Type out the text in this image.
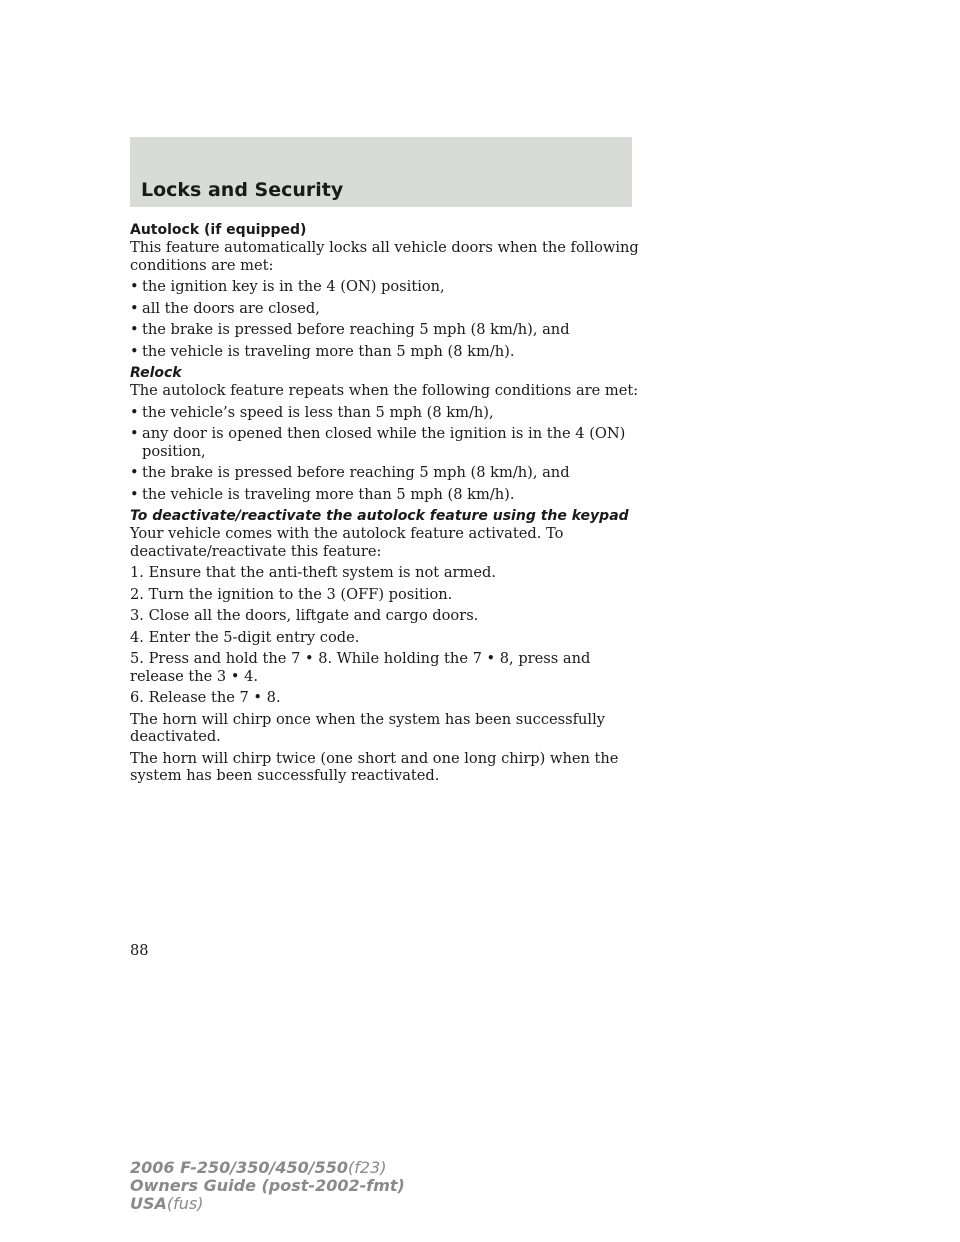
Locks and Security

Autolock (if equipped)

This feature automatically locks all vehicle doors when the following conditions are met:

• the ignition key is in the 4 (ON) position,
• all the doors are closed,
• the brake is pressed before reaching 5 mph (8 km/h), and
• the vehicle is traveling more than 5 mph (8 km/h).

Relock

The autolock feature repeats when the following conditions are met:

• the vehicle’s speed is less than 5 mph (8 km/h),
• any door is opened then closed while the ignition is in the 4 (ON) position,
• the brake is pressed before reaching 5 mph (8 km/h), and
• the vehicle is traveling more than 5 mph (8 km/h).

To deactivate/reactivate the autolock feature using the keypad

Your vehicle comes with the autolock feature activated. To deactivate/reactivate this feature:

1. Ensure that the anti-theft system is not armed.
2. Turn the ignition to the 3 (OFF) position.
3. Close all the doors, liftgate and cargo doors.
4. Enter the 5-digit entry code.
5. Press and hold the 7 • 8. While holding the 7 • 8, press and release the 3 • 4.
6. Release the 7 • 8.

The horn will chirp once when the system has been successfully deactivated.

The horn will chirp twice (one short and one long chirp) when the system has been successfully reactivated.

88
2006 F-250/350/450/550(f23)
Owners Guide (post-2002-fmt)
USA(fus)
